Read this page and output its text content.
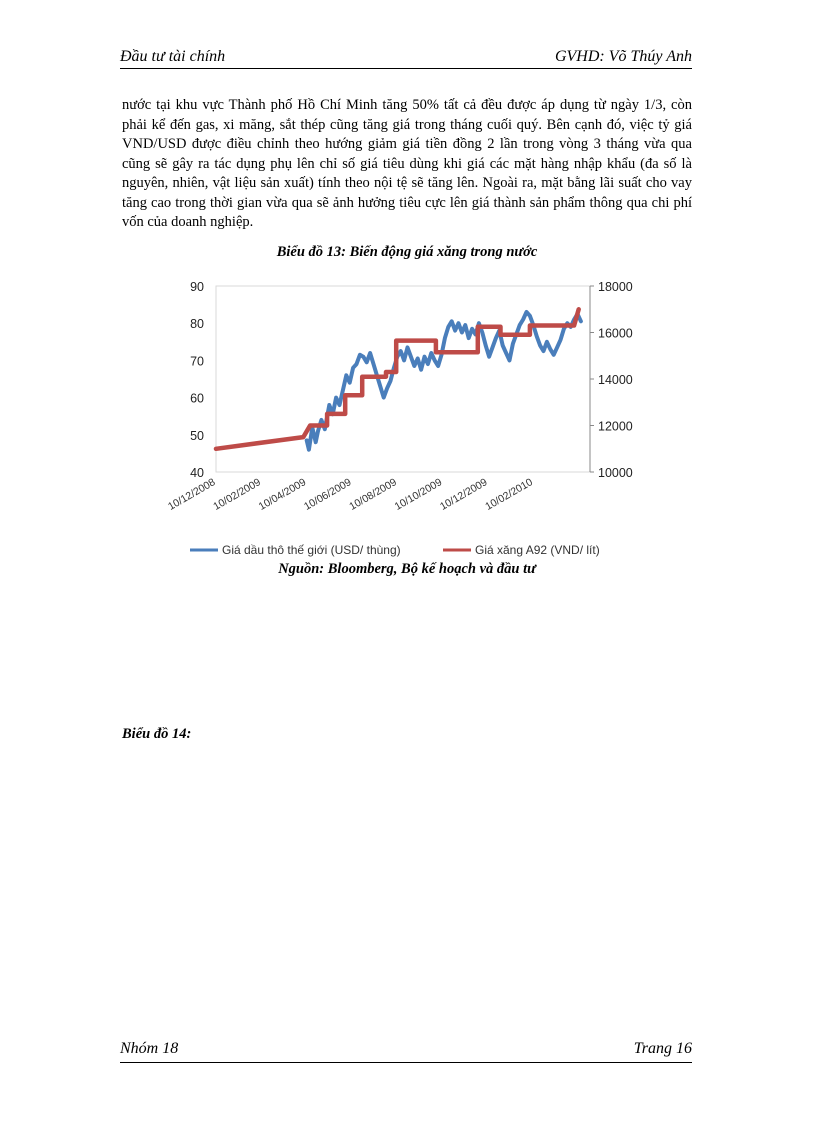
Đầu tư tài chính	GVHD: Võ Thúy Anh

nước tại khu vực Thành phố Hồ Chí Minh tăng 50% tất cả đều được áp dụng từ ngày 1/3, còn phải kể đến gas, xi măng, sắt thép cũng tăng giá trong tháng cuối quý. Bên cạnh đó, việc tỷ giá VND/USD được điều chỉnh theo hướng giảm giá tiền đồng 2 lần trong vòng 3 tháng vừa qua cũng sẽ gây ra tác dụng phụ lên chỉ số giá tiêu dùng khi giá các mặt hàng nhập khẩu (đa số là nguyên, nhiên, vật liệu sản xuất) tính theo nội tệ sẽ tăng lên. Ngoài ra, mặt bằng lãi suất cho vay tăng cao trong thời gian vừa qua sẽ ảnh hưởng tiêu cực lên giá thành sản phẩm thông qua chi phí vốn của doanh nghiệp.

Biểu đồ 13: Biến động giá xăng trong nước
90
80
70
60
50
40
18000
16000
14000
12000
10000
10/12/2008
10/02/2009
10/04/2009
10/06/2009
10/08/2009
10/10/2009
10/12/2009
10/02/2010
Giá dầu thô thế giới (USD/ thùng)	Giá xăng A92 (VND/ lít)
Nguồn: Bloomberg, Bộ kế hoạch và đầu tư
Biểu đồ 14:
Nhóm 18	Trang 16
